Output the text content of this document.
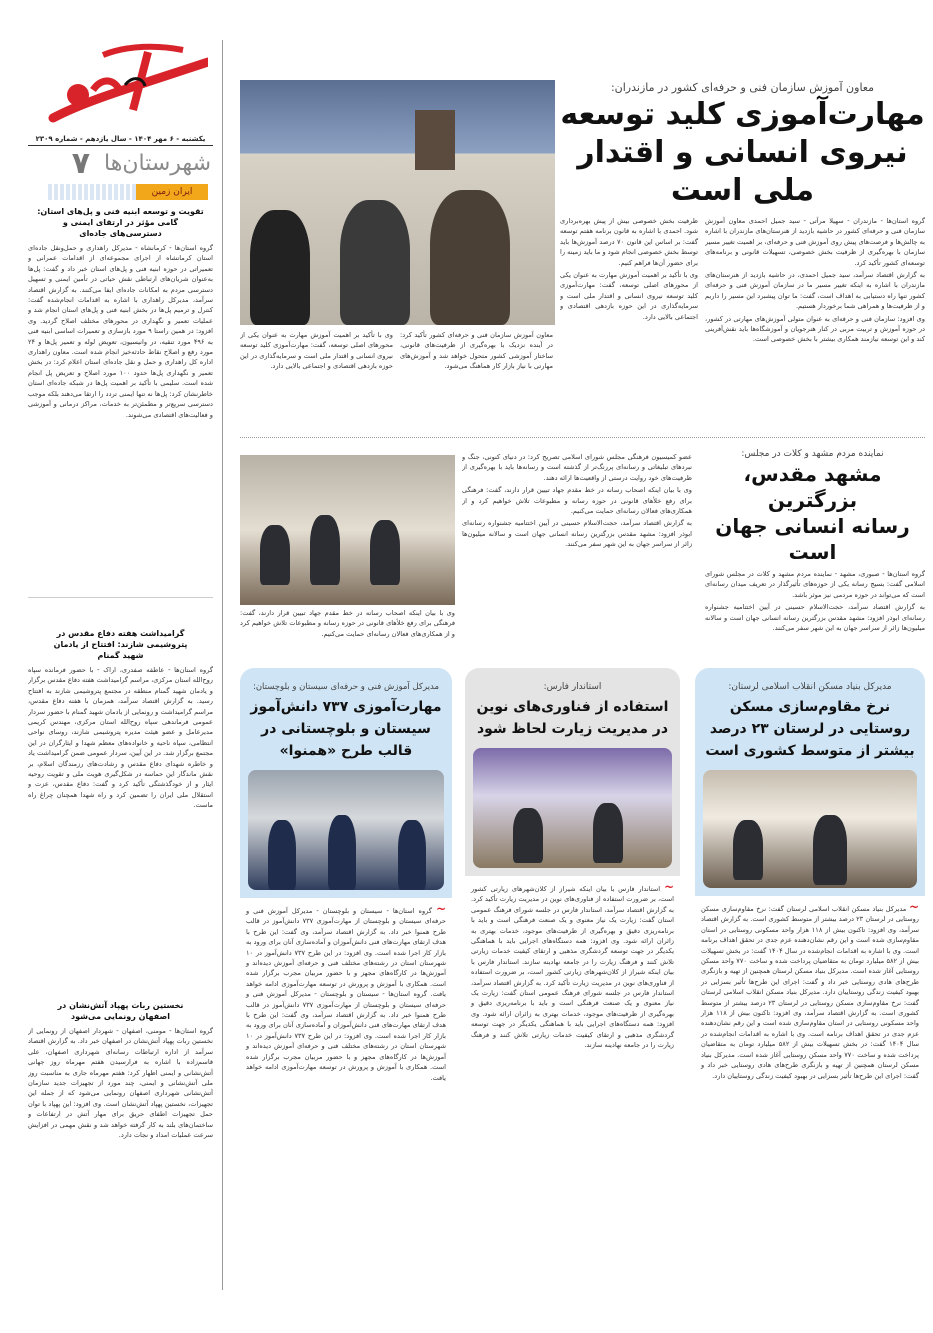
یکشنبه - ۶ مهر ۱۴۰۴ - سال یازدهم - شماره ۲۳۰۹
شهرستان‌ها
۷
ایران زمین
تقویت و توسعه ابنیه فنی و پل‌های استان: گامی مؤثر در ارتقای ایمنی و دسترسی‌های جاده‌ای
گروه استان‌ها - کرمانشاه - مدیرکل راهداری و حمل‌ونقل جاده‌ای استان کرمانشاه از اجرای مجموعه‌ای از اقدامات عمرانی و تعمیراتی در حوزه ابنیه فنی و پل‌های استان خبر داد و گفت: پل‌ها به‌عنوان شریان‌های ارتباطی نقش حیاتی در تأمین ایمنی و تسهیل دسترسی مردم به امکانات جاده‌ای ایفا می‌کنند. به گزارش اقتصاد سرآمد، مدیرکل راهداری با اشاره به اقدامات انجام‌شده گفت: کنترل و ترمیم پل‌ها در بخش ابنیه فنی و پل‌های استان انجام شد و عملیات تعمیر و نگهداری در محورهای مختلف اصلاح گردید. وی افزود: در همین راستا ۹ مورد بازسازی و تعمیرات اساسی ابنیه فنی به ۴۹۶ مورد تنقیه، در وانیسیون، تعویض لوله و تعمیر پل‌ها و ۲۴ مورد رفع و اصلاح نقاط حادثه‌خیز انجام شده است. معاون راهداری اداره کل راهداری و حمل و نقل جاده‌ای استان اعلام کرد: در بخش تعمیر و نگهداری پل‌ها حدود ۱۰۰ مورد اصلاح و تعریض پل انجام شده است. سلیمی با تأکید بر اهمیت پل‌ها در شبکه جاده‌ای استان خاطرنشان کرد: پل‌ها نه تنها ایمنی تردد را ارتقا می‌دهند بلکه موجب دسترسی سریع‌تر و مطمئن‌تر به خدمات، مراکز درمانی و آموزشی و فعالیت‌های اقتصادی می‌شوند.
گرامیداشت هفته دفاع مقدس در پتروشیمی شازند: افتتاح از یادمان شهید گمنام
گروه استان‌ها - عاطفه صفدری، اراک - با حضور فرمانده سپاه روح‌الله استان مرکزی، مراسم گرامیداشت هفته دفاع مقدس برگزار و یادمان شهید گمنام منطقه در مجتمع پتروشیمی شازند به افتتاح رسید. به گزارش اقتصاد سرآمد، همزمان با هفته دفاع مقدس، مراسم گرامیداشت و رونمایی از یادمان شهید گمنام با حضور سردار عمومی فرماندهی سپاه روح‌الله استان مرکزی، مهندس کریمی مدیرعامل و عضو هیئت مدیره پتروشیمی شازند، روسای نواحی انتظامی، سپاه ناحیه و خانواده‌های معظم شهدا و ایثارگران در این مجتمع برگزار شد. در این آیین، سردار عمومی ضمن گرامیداشت یاد و خاطره شهدای دفاع مقدس و رشادت‌های رزمندگان اسلام، بر نقش ماندگار این حماسه در شکل‌گیری هویت ملی و تقویت روحیه ایثار و از خودگذشتگی تأکید کرد و گفت: دفاع مقدس، عزت و استقلال ملی ایران را تضمین کرد و راه شهدا همچنان چراغ راه ماست.
نخستین ربات پهپاد آتش‌نشان در اصفهان رونمایی می‌شود
گروه استان‌ها - مومنی، اصفهان - شهردار اصفهان از رونمایی از نخستین ربات پهپاد آتش‌نشان در اصفهان خبر داد. به گزارش اقتصاد سرآمد از اداره ارتباطات رسانه‌ای شهرداری اصفهان، علی قاسم‌زاده با اشاره به فرارسیدن هفتم مهرماه روز جهانی آتش‌نشانی و ایمنی اظهار کرد: هفتم مهرماه جاری به مناسبت روز ملی آتش‌نشانی و ایمنی، چند مورد از تجهیزات جدید سازمان آتش‌نشانی شهرداری اصفهان رونمایی می‌شود که از جمله این تجهیزات، نخستین پهپاد آتش‌نشان است. وی افزود: این پهپاد با توان حمل تجهیزات اطفای حریق برای مهار آتش در ارتفاعات و ساختمان‌های بلند به کار گرفته خواهد شد و نقش مهمی در افزایش سرعت عملیات امداد و نجات دارد.
معاون آموزش سازمان فنی و حرفه‌ای کشور در مازندران:
مهارت‌آموزی کلید توسعه
نیروی انسانی و اقتدار ملی است

گروه استان‌ها - مازندران - سهیلا مرآتی - سید جمیل احمدی معاون آموزش سازمان فنی و حرفه‌ای کشور در حاشیه بازدید از هنرستان‌های مازندران با اشاره به چالش‌ها و فرصت‌های پیش روی آموزش فنی و حرفه‌ای، بر اهمیت تغییر مسیر سازمان با بهره‌گیری از ظرفیت بخش خصوصی، تسهیلات قانونی و برنامه‌های توسعه‌ای کشور تأکید کرد.

به گزارش اقتصاد سرآمد، سید جمیل احمدی، در حاشیه بازدید از هنرستان‌های مازندران با اشاره به اینکه تغییر مسیر ما در سازمان آموزش فنی و حرفه‌ای کشور تنها راه دستیابی به اهداف است، گفت: ما توان پیشبرد این مسیر را داریم و از ظرفیت‌ها و همراهی شما برخوردار هستیم.

وی افزود: سازمان فنی و حرفه‌ای به عنوان متولی آموزش‌های مهارتی در کشور، در حوزه آموزش و تربیت مربی در کنار هنرجویان و آموزشگاه‌ها باید نقش‌آفرینی کند و این توسعه نیازمند همکاری بیشتر با بخش خصوصی است.

ظرفیت بخش خصوصی بیش از پیش بهره‌برداری شود. احمدی با اشاره به قانون برنامه هفتم توسعه گفت: بر اساس این قانون ۷۰ درصد آموزش‌ها باید توسط بخش خصوصی انجام شود و ما باید زمینه را برای حضور آن‌ها فراهم کنیم.

وی با تأکید بر اهمیت آموزش مهارت به عنوان یکی از محورهای اصلی توسعه، گفت: مهارت‌آموزی کلید توسعه نیروی انسانی و اقتدار ملی است و سرمایه‌گذاری در این حوزه بازدهی اقتصادی و اجتماعی بالایی دارد.

معاون آموزش سازمان فنی و حرفه‌ای کشور تأکید کرد: در آینده نزدیک با بهره‌گیری از ظرفیت‌های قانونی، ساختار آموزشی کشور متحول خواهد شد و آموزش‌های مهارتی با نیاز بازار کار هماهنگ می‌شود.

وی با تأکید بر اهمیت آموزش مهارت به عنوان یکی از محورهای اصلی توسعه، گفت: مهارت‌آموزی کلید توسعه نیروی انسانی و اقتدار ملی است و سرمایه‌گذاری در این حوزه بازدهی اقتصادی و اجتماعی بالایی دارد.

نماینده مردم مشهد و کلات در مجلس:
مشهد مقدس، بزرگترین
رسانه انسانی جهان است

گروه استان‌ها - صبوری، مشهد - نماینده مردم مشهد و کلات در مجلس شورای اسلامی گفت: بسیج رسانه یکی از حوزه‌های تأثیرگذار در تعریف میدان رسانه‌ای است که می‌تواند در حوزه مردمی نیز موثر باشد.

به گزارش اقتصاد سرآمد، حجت‌الاسلام حسینی در آیین اختتامیه جشنواره رسانه‌ای ابوذر افزود: مشهد مقدس بزرگترین رسانه انسانی جهان است و سالانه میلیون‌ها زائر از سراسر جهان به این شهر سفر می‌کنند.

عضو کمیسیون فرهنگی مجلس شورای اسلامی تصریح کرد: در دنیای کنونی، جنگ و نبردهای تبلیغاتی و رسانه‌ای پررنگ‌تر از گذشته است و رسانه‌ها باید با بهره‌گیری از ظرفیت‌های خود روایت درستی از واقعیت‌ها ارائه دهند.

وی با بیان اینکه اصحاب رسانه در خط مقدم جهاد تبیین قرار دارند، گفت: فرهنگی برای رفع خلأهای قانونی در حوزه رسانه و مطبوعات تلاش خواهیم کرد و از همکاری‌های فعالان رسانه‌ای حمایت می‌کنیم.

به گزارش اقتصاد سرآمد، حجت‌الاسلام حسینی در آیین اختتامیه جشنواره رسانه‌ای ابوذر افزود: مشهد مقدس بزرگترین رسانه انسانی جهان است و سالانه میلیون‌ها زائر از سراسر جهان به این شهر سفر می‌کنند.

وی با بیان اینکه اصحاب رسانه در خط مقدم جهاد تبیین قرار دارند، گفت: فرهنگی برای رفع خلأهای قانونی در حوزه رسانه و مطبوعات تلاش خواهیم کرد و از همکاری‌های فعالان رسانه‌ای حمایت می‌کنیم.

مدیرکل بنیاد مسکن انقلاب اسلامی لرستان:
نرخ مقاوم‌سازی مسکن روستایی در لرستان ۲۳ درصد بیشتر از متوسط کشوری است
~ مدیرکل بنیاد مسکن انقلاب اسلامی لرستان گفت: نرخ مقاوم‌سازی مسکن روستایی در لرستان ۲۳ درصد بیشتر از متوسط کشوری است. به گزارش اقتصاد سرآمد، وی افزود: تاکنون بیش از ۱۱۸ هزار واحد مسکونی روستایی در استان مقاوم‌سازی شده است و این رقم نشان‌دهنده عزم جدی در تحقق اهداف برنامه است. وی با اشاره به اقدامات انجام‌شده در سال ۱۴۰۴ گفت: در بخش تسهیلات بیش از ۵۸۲ میلیارد تومان به متقاضیان پرداخت شده و ساخت ۷۷۰ واحد مسکن روستایی آغاز شده است. مدیرکل بنیاد مسکن لرستان همچنین از تهیه و بازنگری طرح‌های هادی روستایی خبر داد و گفت: اجرای این طرح‌ها تأثیر بسزایی در بهبود کیفیت زندگی روستاییان دارد. مدیرکل بنیاد مسکن انقلاب اسلامی لرستان گفت: نرخ مقاوم‌سازی مسکن روستایی در لرستان ۲۳ درصد بیشتر از متوسط کشوری است. به گزارش اقتصاد سرآمد، وی افزود: تاکنون بیش از ۱۱۸ هزار واحد مسکونی روستایی در استان مقاوم‌سازی شده است و این رقم نشان‌دهنده عزم جدی در تحقق اهداف برنامه است. وی با اشاره به اقدامات انجام‌شده در سال ۱۴۰۴ گفت: در بخش تسهیلات بیش از ۵۸۲ میلیارد تومان به متقاضیان پرداخت شده و ساخت ۷۷۰ واحد مسکن روستایی آغاز شده است. مدیرکل بنیاد مسکن لرستان همچنین از تهیه و بازنگری طرح‌های هادی روستایی خبر داد و گفت: اجرای این طرح‌ها تأثیر بسزایی در بهبود کیفیت زندگی روستاییان دارد.
استاندار فارس:
استفاده از فناوری‌های نوین در مدیریت زیارت لحاظ شود
~ استاندار فارس با بیان اینکه شیراز از کلان‌شهرهای زیارتی کشور است، بر ضرورت استفاده از فناوری‌های نوین در مدیریت زیارت تأکید کرد. به گزارش اقتصاد سرآمد، استاندار فارس در جلسه شورای فرهنگ عمومی استان گفت: زیارت یک نیاز معنوی و یک صنعت فرهنگی است و باید با برنامه‌ریزی دقیق و بهره‌گیری از ظرفیت‌های موجود، خدمات بهتری به زائران ارائه شود. وی افزود: همه دستگاه‌های اجرایی باید با هماهنگی یکدیگر در جهت توسعه گردشگری مذهبی و ارتقای کیفیت خدمات زیارتی تلاش کنند و فرهنگ زیارت را در جامعه نهادینه سازند. استاندار فارس با بیان اینکه شیراز از کلان‌شهرهای زیارتی کشور است، بر ضرورت استفاده از فناوری‌های نوین در مدیریت زیارت تأکید کرد. به گزارش اقتصاد سرآمد، استاندار فارس در جلسه شورای فرهنگ عمومی استان گفت: زیارت یک نیاز معنوی و یک صنعت فرهنگی است و باید با برنامه‌ریزی دقیق و بهره‌گیری از ظرفیت‌های موجود، خدمات بهتری به زائران ارائه شود. وی افزود: همه دستگاه‌های اجرایی باید با هماهنگی یکدیگر در جهت توسعه گردشگری مذهبی و ارتقای کیفیت خدمات زیارتی تلاش کنند و فرهنگ زیارت را در جامعه نهادینه سازند.
مدیرکل آموزش فنی و حرفه‌ای سیستان و بلوچستان:
مهارت‌آموزی ۷۳۷ دانش‌آموز سیستان و بلوچستانی در قالب طرح «همنوا»
~ گروه استان‌ها - سیستان و بلوچستان - مدیرکل آموزش فنی و حرفه‌ای سیستان و بلوچستان از مهارت‌آموزی ۷۳۷ دانش‌آموز در قالب طرح همنوا خبر داد. به گزارش اقتصاد سرآمد، وی گفت: این طرح با هدف ارتقای مهارت‌های فنی دانش‌آموزان و آماده‌سازی آنان برای ورود به بازار کار اجرا شده است. وی افزود: در این طرح ۷۳۷ دانش‌آموز در ۱۰ شهرستان استان در رشته‌های مختلف فنی و حرفه‌ای آموزش دیده‌اند و آموزش‌ها در کارگاه‌های مجهز و با حضور مربیان مجرب برگزار شده است. همکاری با آموزش و پرورش در توسعه مهارت‌آموزی ادامه خواهد یافت. گروه استان‌ها - سیستان و بلوچستان - مدیرکل آموزش فنی و حرفه‌ای سیستان و بلوچستان از مهارت‌آموزی ۷۳۷ دانش‌آموز در قالب طرح همنوا خبر داد. به گزارش اقتصاد سرآمد، وی گفت: این طرح با هدف ارتقای مهارت‌های فنی دانش‌آموزان و آماده‌سازی آنان برای ورود به بازار کار اجرا شده است. وی افزود: در این طرح ۷۳۷ دانش‌آموز در ۱۰ شهرستان استان در رشته‌های مختلف فنی و حرفه‌ای آموزش دیده‌اند و آموزش‌ها در کارگاه‌های مجهز و با حضور مربیان مجرب برگزار شده است. همکاری با آموزش و پرورش در توسعه مهارت‌آموزی ادامه خواهد یافت.
